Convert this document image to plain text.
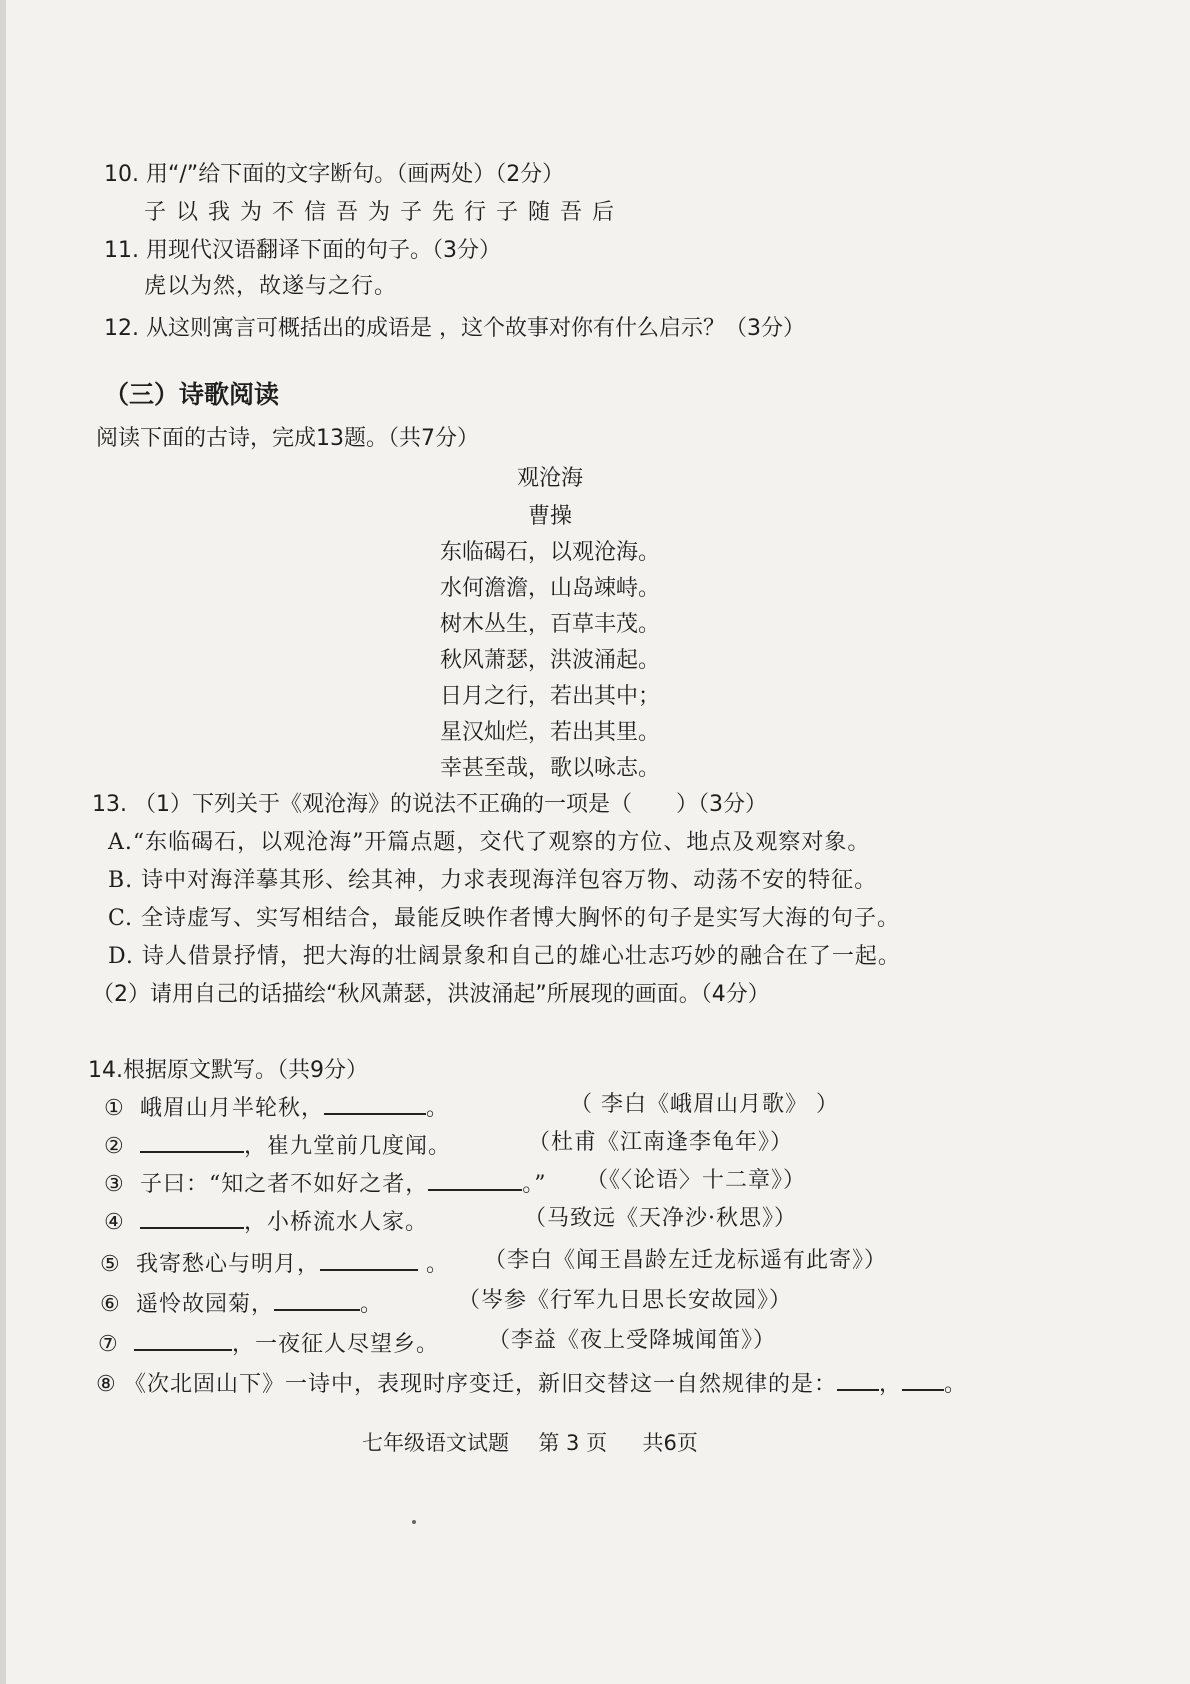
10. 用“/”给下面的文字断句。（画两处）（2分）
子以我为不信吾为子先行子随吾后
11. 用现代汉语翻译下面的句子。（3分）
虎以为然，故遂与之行。
12. 从这则寓言可概括出的成语是 ，这个故事对你有什么启示？（3分）
（三）诗歌阅读
阅读下面的古诗，完成13题。（共7分）
观沧海
曹操
东临碣石，以观沧海。
水何澹澹，山岛竦峙。
树木丛生，百草丰茂。
秋风萧瑟，洪波涌起。
日月之行，若出其中；
星汉灿烂，若出其里。
幸甚至哉，歌以咏志。
13. （1）下列关于《观沧海》的说法不正确的一项是（　　）（3分）
A.“东临碣石，以观沧海”开篇点题，交代了观察的方位、地点及观察对象。
B. 诗中对海洋摹其形、绘其神，力求表现海洋包容万物、动荡不安的特征。
C. 全诗虚写、实写相结合，最能反映作者博大胸怀的句子是实写大海的句子。
D. 诗人借景抒情，把大海的壮阔景象和自己的雄心壮志巧妙的融合在了一起。
（2）请用自己的话描绘“秋风萧瑟，洪波涌起”所展现的画面。（4分）
14.根据原文默写。（共9分）
① 峨眉山月半轮秋，	。	（ 李白《峨眉山月歌》 ）
②	，崔九堂前几度闻。	（杜甫《江南逢李龟年》）
③ 子曰：“知之者不如好之者，	。” （《〈论语〉十二章》）
④	，小桥流水人家。	（马致远《天净沙·秋思》）
⑤ 我寄愁心与明月，	。 （李白《闻王昌龄左迁龙标遥有此寄》）
⑥ 遥怜故园菊，	。	（岑参《行军九日思长安故园》）
⑦	，一夜征人尽望乡。 （李益《夜上受降城闻笛》）
⑧ 《次北固山下》一诗中，表现时序变迁，新旧交替这一自然规律的是： ， 。
七年级语文试题 第 3 页 共6页
